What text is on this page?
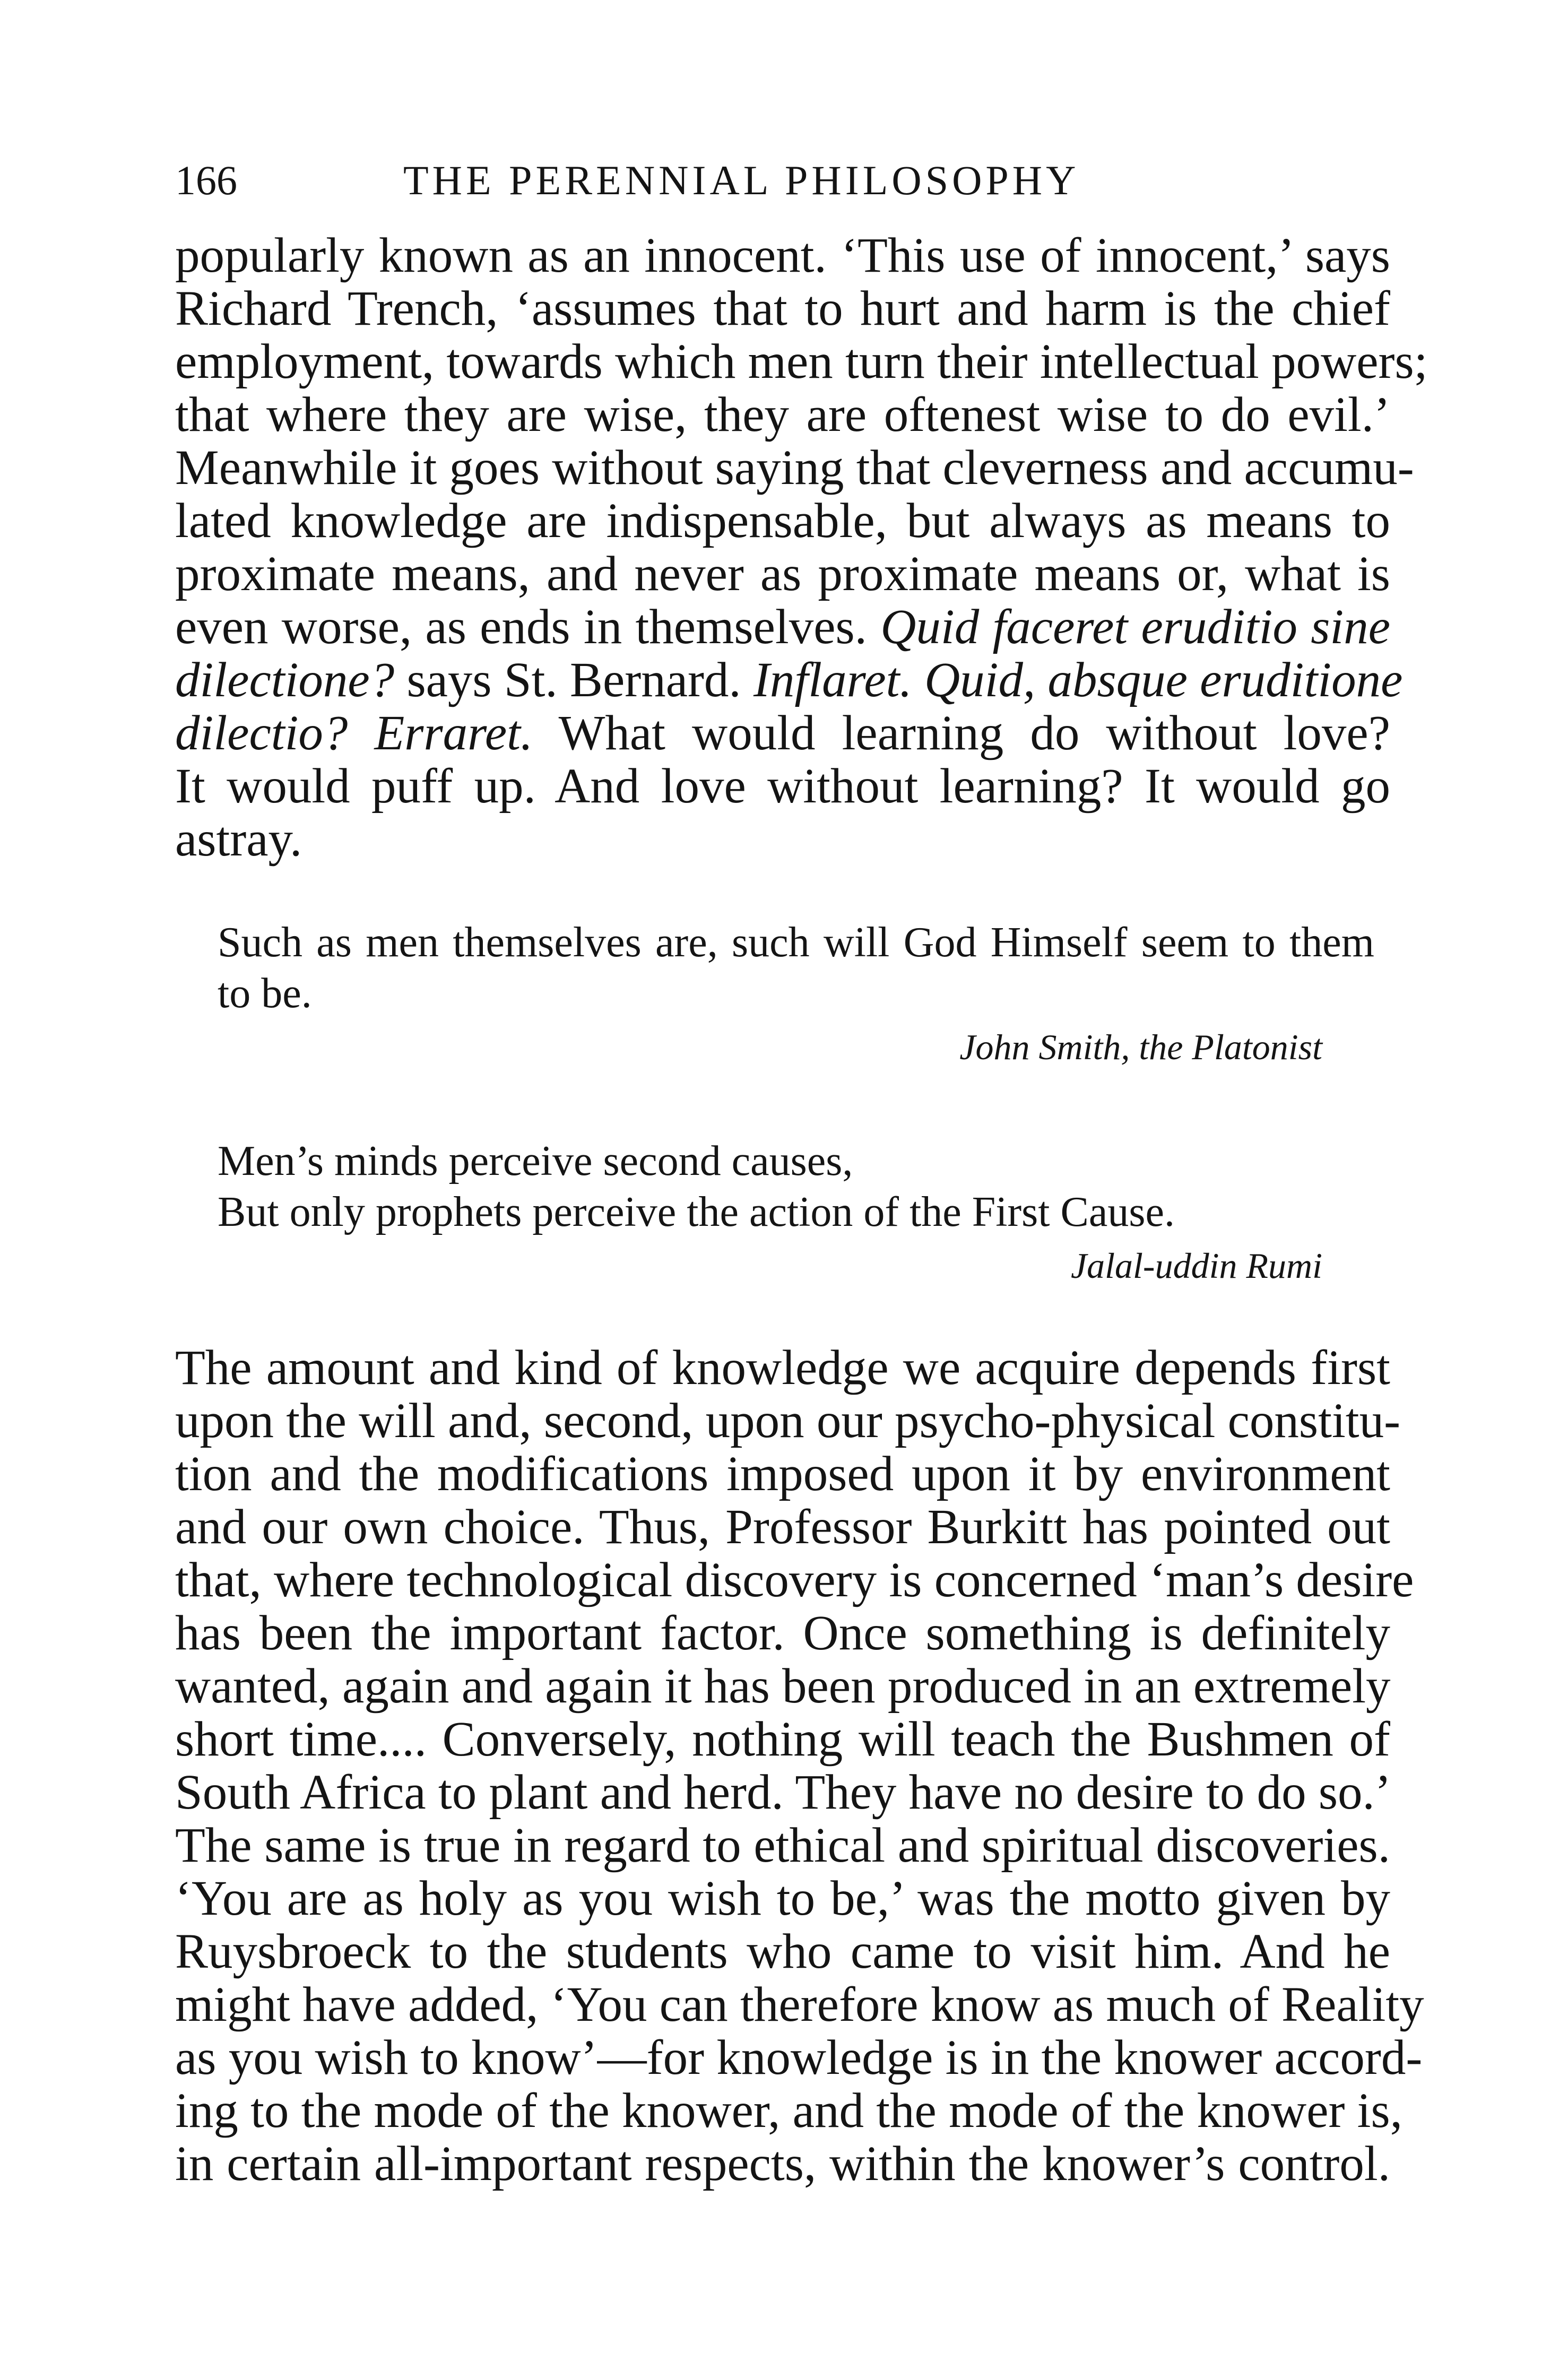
166	THE PERENNIAL PHILOSOPHY
popularly known as an innocent. ‘This use of innocent,’ says
Richard Trench, ‘assumes that to hurt and harm is the chief
employment, towards which men turn their intellectual powers;
that where they are wise, they are oftenest wise to do evil.’
Meanwhile it goes without saying that cleverness and accumu-
lated knowledge are indispensable, but always as means to
proximate means, and never as proximate means or, what is
even worse, as ends in themselves. Quid faceret eruditio sine
dilectione? says St. Bernard. Inflaret. Quid, absque eruditione
dilectio? Erraret. What would learning do without love?
It would puff up. And love without learning? It would go
astray.
Such as men themselves are, such will God Himself seem to them
to be.
John Smith, the Platonist
Men’s minds perceive second causes,
But only prophets perceive the action of the First Cause.
Jalal-uddin Rumi
The amount and kind of knowledge we acquire depends first
upon the will and, second, upon our psycho-physical constitu-
tion and the modifications imposed upon it by environment
and our own choice. Thus, Professor Burkitt has pointed out
that, where technological discovery is concerned ‘man’s desire
has been the important factor. Once something is definitely
wanted, again and again it has been produced in an extremely
short time.... Conversely, nothing will teach the Bushmen of
South Africa to plant and herd. They have no desire to do so.’
The same is true in regard to ethical and spiritual discoveries.
‘You are as holy as you wish to be,’ was the motto given by
Ruysbroeck to the students who came to visit him. And he
might have added, ‘You can therefore know as much of Reality
as you wish to know’—for knowledge is in the knower accord-
ing to the mode of the knower, and the mode of the knower is,
in certain all-important respects, within the knower’s control.
